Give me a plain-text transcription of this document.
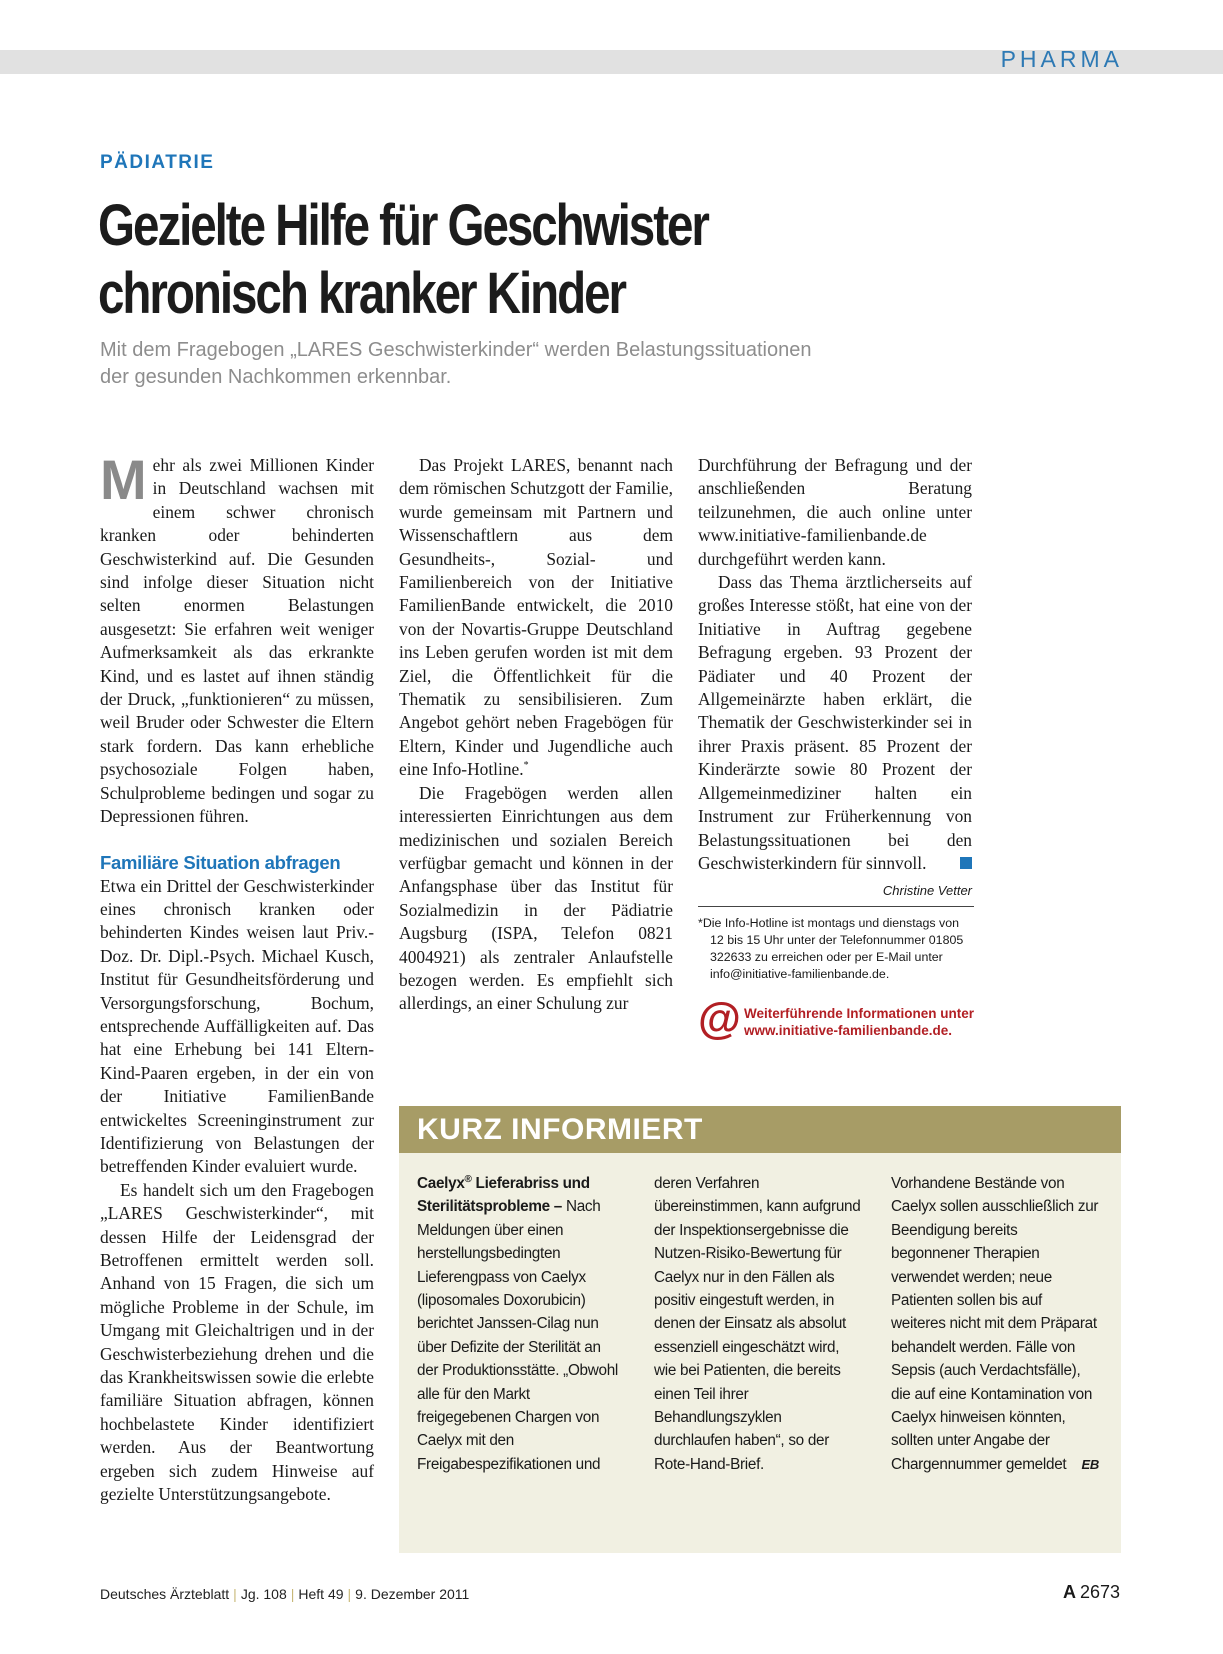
PHARMA
PÄDIATRIE
Gezielte Hilfe für Geschwister
chronisch kranker Kinder
Mit dem Fragebogen „LARES Geschwisterkinder“ werden Belastungssituationen der gesunden Nachkommen erkennbar.

Mehr als zwei Millionen Kinder in Deutschland wachsen mit einem schwer chronisch kranken oder behinderten Geschwisterkind auf. Die Gesunden sind infolge dieser Situation nicht selten enormen Belastungen ausgesetzt: Sie erfahren weit weniger Aufmerksamkeit als das erkrankte Kind, und es lastet auf ihnen ständig der Druck, „funktionieren“ zu müssen, weil Bruder oder Schwester die Eltern stark fordern. Das kann erhebliche psychosoziale Folgen haben, Schulprobleme bedingen und sogar zu Depressionen führen.

Familiäre Situation abfragen

Etwa ein Drittel der Geschwisterkinder eines chronisch kranken oder behinderten Kindes weisen laut Priv.-Doz. Dr. Dipl.-Psych. Michael Kusch, Institut für Gesundheitsförderung und Versorgungsforschung, Bochum, entsprechende Auffälligkeiten auf. Das hat eine Erhebung bei 141 Eltern-Kind-Paaren ergeben, in der ein von der Initiative FamilienBande entwickeltes Screeninginstrument zur Identifizierung von Belastungen der betreffenden Kinder evaluiert wurde.

Es handelt sich um den Fragebogen „LARES Geschwisterkinder“, mit dessen Hilfe der Leidensgrad der Betroffenen ermittelt werden soll. Anhand von 15 Fragen, die sich um mögliche Probleme in der Schule, im Umgang mit Gleichaltrigen und in der Geschwisterbeziehung drehen und die das Krankheitswissen sowie die erlebte familiäre Situation abfragen, können hochbelastete Kinder identifiziert werden. Aus der Beantwortung ergeben sich zudem Hinweise auf gezielte Unterstützungsangebote.

Das Projekt LARES, benannt nach dem römischen Schutzgott der Familie, wurde gemeinsam mit Partnern und Wissenschaftlern aus dem Gesundheits-, Sozial- und Familienbereich von der Initiative FamilienBande entwickelt, die 2010 von der Novartis-Gruppe Deutschland ins Leben gerufen worden ist mit dem Ziel, die Öffentlichkeit für die Thematik zu sensibilisieren. Zum Angebot gehört neben Fragebögen für Eltern, Kinder und Jugendliche auch eine Info-Hotline.*

Die Fragebögen werden allen interessierten Einrichtungen aus dem medizinischen und sozialen Bereich verfügbar gemacht und können in der Anfangsphase über das Institut für Sozialmedizin in der Pädiatrie Augsburg (ISPA, Telefon 0821 4004921) als zentraler Anlaufstelle bezogen werden. Es empfiehlt sich allerdings, an einer Schulung zur

Durchführung der Befragung und der anschließenden Beratung teilzunehmen, die auch online unter www.initiative-familienbande.de durchgeführt werden kann.

Dass das Thema ärztlicherseits auf großes Interesse stößt, hat eine von der Initiative in Auftrag gegebene Befragung ergeben. 93 Prozent der Pädiater und 40 Prozent der Allgemeinärzte haben erklärt, die Thematik der Geschwisterkinder sei in ihrer Praxis präsent. 85 Prozent der Kinderärzte sowie 80 Prozent der Allgemeinmediziner halten ein Instrument zur Früherkennung von Belastungssituationen bei den Geschwisterkindern für sinnvoll.

Christine Vetter
*Die Info-Hotline ist montags und dienstags von 12 bis 15 Uhr unter der Telefonnummer 01805 322633 zu erreichen oder per E-Mail unter info@initiative-familienbande.de.
@ Weiterführende Informationen unter
www.initiative-familienbande.de.
KURZ INFORMIERT

Caelyx® Lieferabriss und
Sterilitätsprobleme – Nach Meldungen über einen herstellungsbedingten Lieferengpass von Caelyx (liposomales Doxorubicin) berichtet Janssen-Cilag nun über Defizite der Sterilität an der Produktionsstätte. „Obwohl alle für den Markt freigegebenen Chargen von Caelyx mit den Freigabespezifikationen und

deren Verfahren übereinstimmen, kann aufgrund der Inspektionsergebnisse die Nutzen-Risiko-Bewertung für Caelyx nur in den Fällen als positiv eingestuft werden, in denen der Einsatz als absolut essenziell eingeschätzt wird, wie bei Patienten, die bereits einen Teil ihrer Behandlungszyklen durchlaufen haben“, so der Rote-Hand-Brief.

Vorhandene Bestände von Caelyx sollen ausschließlich zur Beendigung bereits begonnener Therapien verwendet werden; neue Patienten sollen bis auf weiteres nicht mit dem Präparat behandelt werden. Fälle von Sepsis (auch Verdachtsfälle), die auf eine Kontamination von Caelyx hinweisen könnten, sollten unter Angabe der Chargennummer gemeldet EB

Deutsches Ärzteblatt | Jg. 108 | Heft 49 | 9. Dezember 2011	A 2673
